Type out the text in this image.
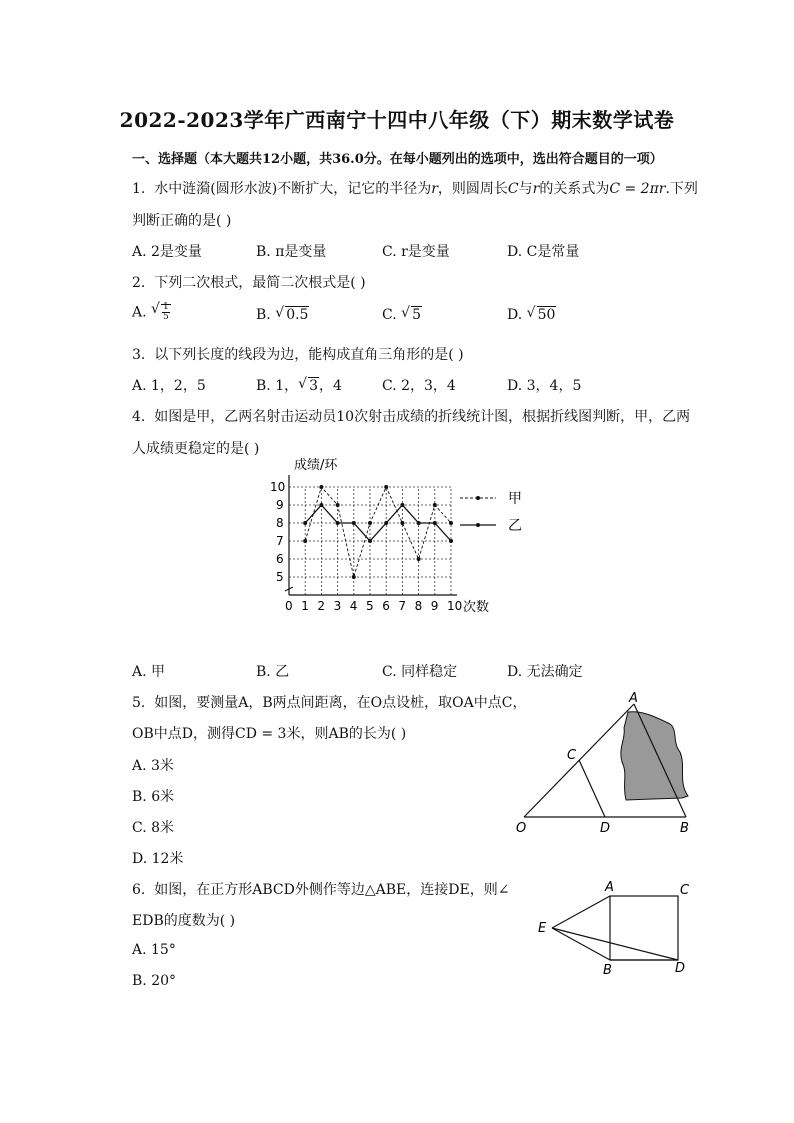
2022-2023学年广西南宁十四中八年级（下）期末数学试卷
一、选择题（本大题共12小题，共36.0分。在每小题列出的选项中，选出符合题目的一项）
1. 水中涟漪(圆形水波)不断扩大，记它的半径为r，则圆周长C与r的关系式为C = 2πr.下列
判断正确的是( )
A. 2是变量	B. π是变量	C. r是变量	D. C是常量
2. 下列二次根式，最简二次根式是( )
A. √ $\frac{1}{5}$	B. √ 0.5	C. √ 5	D. √ 50
3. 以下列长度的线段为边，能构成直角三角形的是( )
A. 1，2，5	B. 1， √ 3，4	C. 2，3，4	D. 3，4，5
4. 如图是甲，乙两名射击运动员10次射击成绩的折线统计图，根据折线图判断，甲，乙两
人成绩更稳定的是( )
0 1 2 3 4 5 6 7 8 9 10
5
6
7
8
9
10
成绩/环
次数
甲
乙
A. 甲	B. 乙	C. 同样稳定	D. 无法确定
5. 如图，要测量A，B两点间距离，在O点设桩，取OA中点C，
OB中点D，测得CD = 3米，则AB的长为( )
A. 3米
B. 6米
C. 8米
D. 12米
A
C
O	D	B
6. 如图，在正方形ABCD外侧作等边△ABE，连接DE，则∠
EDB的度数为( )
A. 15°
B. 20°
A	C
E
B	D
